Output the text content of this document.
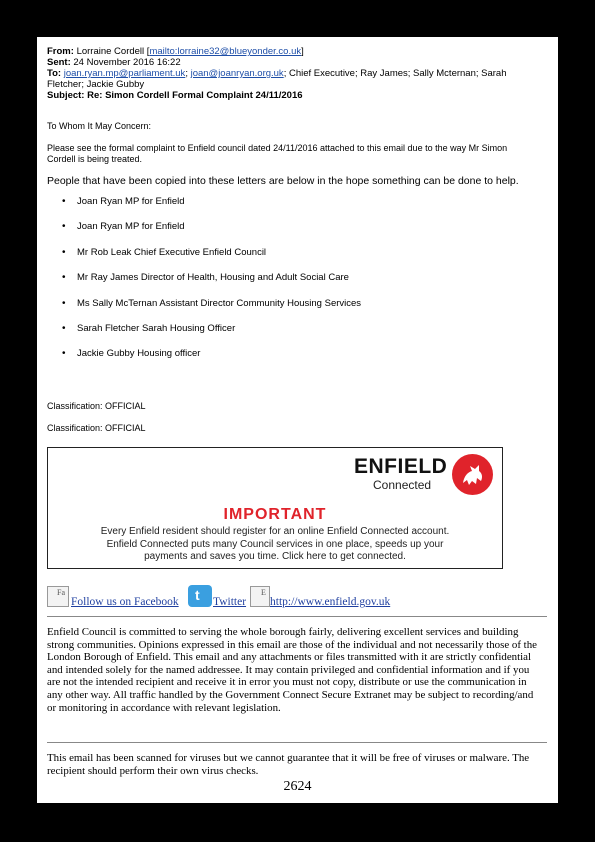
From: Lorraine Cordell [mailto:lorraine32@blueyonder.co.uk]
Sent: 24 November 2016 16:22
To: joan.ryan.mp@parliament.uk; joan@joanryan.org.uk; Chief Executive; Ray James; Sally Mcternan; Sarah Fletcher; Jackie Gubby
Subject: Re: Simon Cordell Formal Complaint 24/11/2016
To Whom It May Concern:
Please see the formal complaint to Enfield council dated 24/11/2016 attached to this email due to the way Mr Simon Cordell is being treated.
People that have been copied into these letters are below in the hope something can be done to help.
• Joan Ryan MP for Enfield
• Joan Ryan MP for Enfield
• Mr Rob Leak Chief Executive Enfield Council
• Mr Ray James Director of Health, Housing and Adult Social Care
• Ms Sally McTernan Assistant Director Community Housing Services
• Sarah Fletcher Sarah Housing Officer
• Jackie Gubby Housing officer
Classification: OFFICIAL
Classification: OFFICIAL
ENFIELD
Connected
IMPORTANT
Every Enfield resident should register for an online Enfield Connected account.
Enfield Connected puts many Council services in one place, speeds up your
payments and saves you time. Click here to get connected.
Fa
Follow us on Facebook t Twitter
E
http://www.enfield.gov.uk
Enfield Council is committed to serving the whole borough fairly, delivering excellent services and building strong communities. Opinions expressed in this email are those of the individual and not necessarily those of the London Borough of Enfield. This email and any attachments or files transmitted with it are strictly confidential and intended solely for the named addressee. It may contain privileged and confidential information and if you are not the intended recipient and receive it in error you must not copy, distribute or use the communication in any other way. All traffic handled by the Government Connect Secure Extranet may be subject to recording/and or monitoring in accordance with relevant legislation.
This email has been scanned for viruses but we cannot guarantee that it will be free of viruses or malware. The recipient should perform their own virus checks.
2624
